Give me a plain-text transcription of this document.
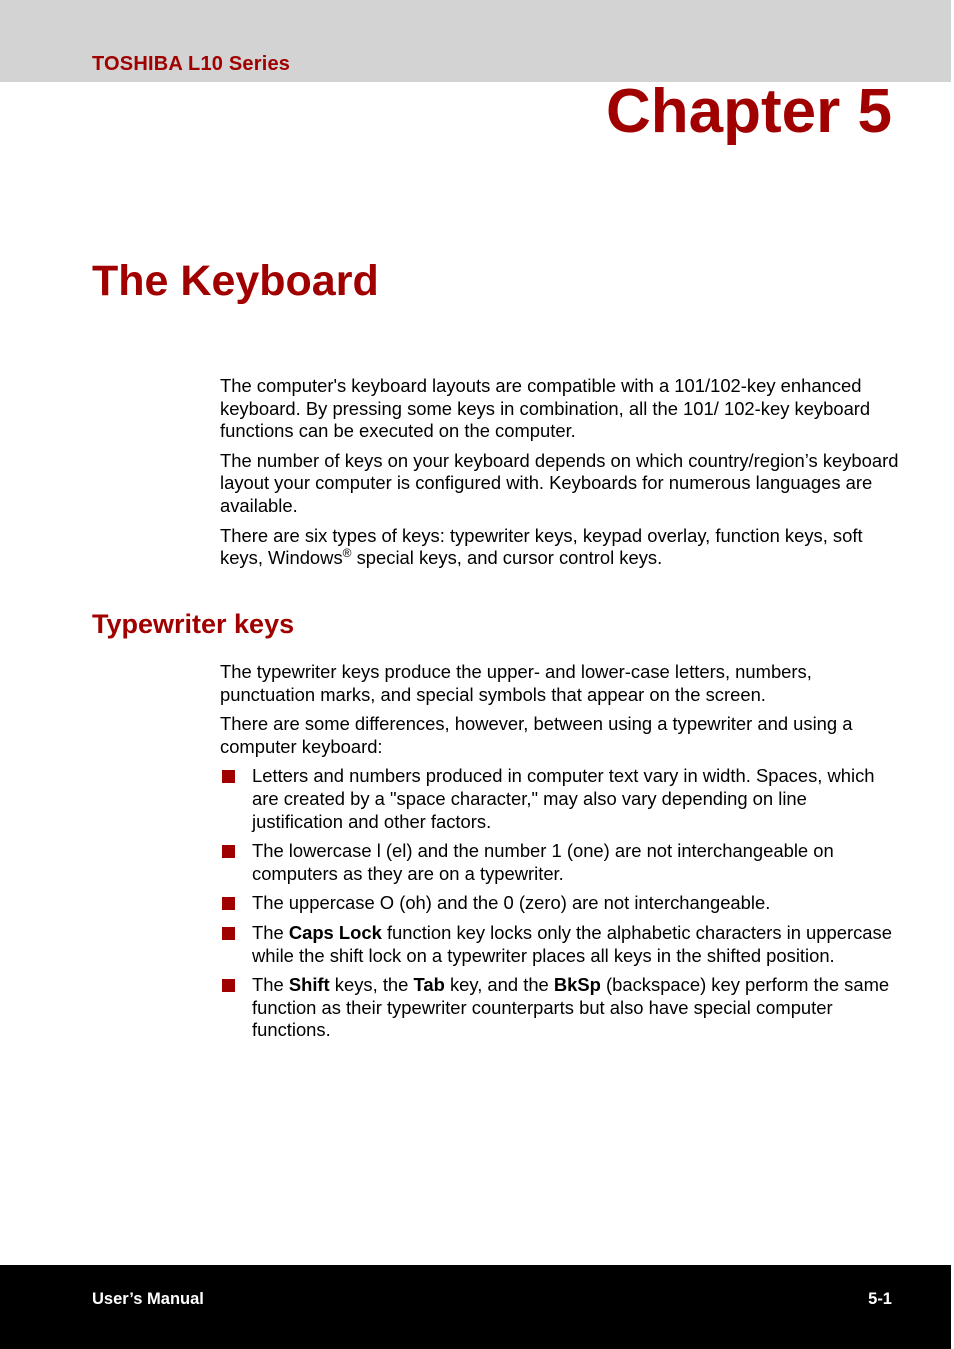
TOSHIBA L10 Series
Chapter 5
The Keyboard

The computer's keyboard layouts are compatible with a 101/102-key enhanced keyboard. By pressing some keys in combination, all the 101/ 102-key keyboard functions can be executed on the computer.

The number of keys on your keyboard depends on which country/region’s keyboard layout your computer is configured with. Keyboards for numerous languages are available.

There are six types of keys: typewriter keys, keypad overlay, function keys, soft keys, Windows® special keys, and cursor control keys.

Typewriter keys

The typewriter keys produce the upper- and lower-case letters, numbers, punctuation marks, and special symbols that appear on the screen.

There are some differences, however, between using a typewriter and using a computer keyboard:

Letters and numbers produced in computer text vary in width. Spaces, which are created by a "space character," may also vary depending on line justification and other factors.
The lowercase l (el) and the number 1 (one) are not interchangeable on computers as they are on a typewriter.
The uppercase O (oh) and the 0 (zero) are not interchangeable.
The Caps Lock function key locks only the alphabetic characters in uppercase while the shift lock on a typewriter places all keys in the shifted position.
The Shift keys, the Tab key, and the BkSp (backspace) key perform the same function as their typewriter counterparts but also have special computer functions.
User’s Manual	5-1
